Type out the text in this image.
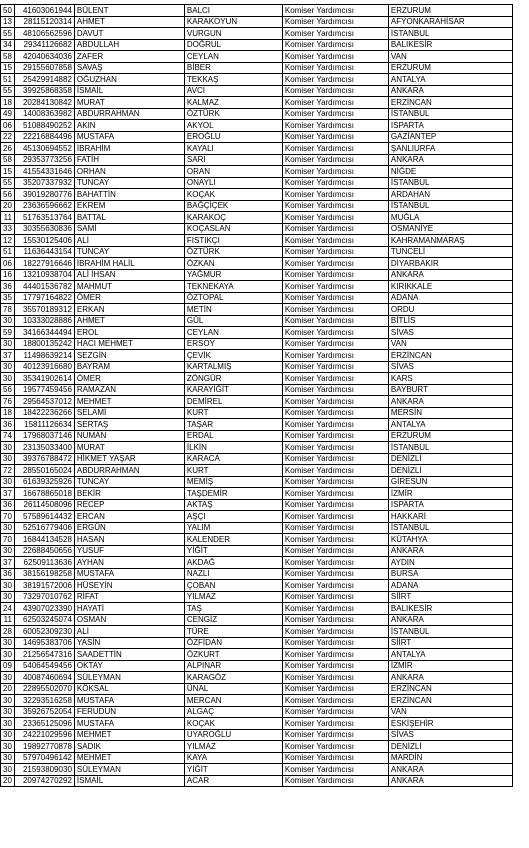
50	41603061944	BÜLENT	BALCI	Komiser Yardımcısı	ERZURUM
13	28115120314	AHMET	KARAKOYUN	Komiser Yardımcısı	AFYONKARAHİSAR
55	48106562596	DAVUT	VURGUN	Komiser Yardımcısı	İSTANBUL
34	29341126682	ABDULLAH	DOĞRUL	Komiser Yardımcısı	BALIKESİR
58	42040634036	ZAFER	CEYLAN	Komiser Yardımcısı	VAN
15	29155607858	SAVAŞ	BİBER	Komiser Yardımcısı	ERZURUM
51	25429914882	OĞUZHAN	TEKKAŞ	Komiser Yardımcısı	ANTALYA
55	39925868358	İSMAİL	AVCI	Komiser Yardımcısı	ANKARA
18	20284130842	MURAT	KALMAZ	Komiser Yardımcısı	ERZİNCAN
49	14008363982	ABDURRAHMAN	ÖZTÜRK	Komiser Yardımcısı	İSTANBUL
06	51088490252	AKIN	AKYOL	Komiser Yardımcısı	ISPARTA
22	22216884496	MUSTAFA	EROĞLU	Komiser Yardımcısı	GAZİANTEP
26	45130694552	İBRAHİM	KAYALI	Komiser Yardımcısı	ŞANLIURFA
58	29353773256	FATİH	SARI	Komiser Yardımcısı	ANKARA
15	41554331646	ORHAN	ORAN	Komiser Yardımcısı	NİĞDE
55	35207337932	TUNCAY	ONAYLI	Komiser Yardımcısı	İSTANBUL
56	39019280776	BAHATTİN	KOÇAK	Komiser Yardımcısı	ARDAHAN
20	23636596662	EKREM	BAĞÇİÇEK	Komiser Yardımcısı	İSTANBUL
11	51763513764	BATTAL	KARAKOÇ	Komiser Yardımcısı	MUĞLA
33	30355630836	SAMİ	KOÇASLAN	Komiser Yardımcısı	OSMANİYE
12	15530125406	ALİ	FISTIKÇI	Komiser Yardımcısı	KAHRAMANMARAŞ
51	11636443154	TUNCAY	ÖZTÜRK	Komiser Yardımcısı	TUNCELİ
06	18227916646	İBRAHİM HALİL	ÖZKAN	Komiser Yardımcısı	DİYARBAKIR
16	13210938704	ALİ İHSAN	YAĞMUR	Komiser Yardımcısı	ANKARA
36	44401536782	MAHMUT	TEKNEKAYA	Komiser Yardımcısı	KIRIKKALE
35	17797164822	ÖMER	ÖZTOPAL	Komiser Yardımcısı	ADANA
78	35570189312	ERKAN	METİN	Komiser Yardımcısı	ORDU
30	10333028886	AHMET	GÜL	Komiser Yardımcısı	BİTLİS
59	34166344494	EROL	CEYLAN	Komiser Yardımcısı	SİVAS
30	18800135242	HACI MEHMET	ERSOY	Komiser Yardımcısı	VAN
37	11498639214	SEZGİN	ÇEVİK	Komiser Yardımcısı	ERZİNCAN
30	40123916680	BAYRAM	KARTALMIŞ	Komiser Yardımcısı	SİVAS
30	35341902614	ÖMER	ZÖNGÜR	Komiser Yardımcısı	KARS
56	19577459456	RAMAZAN	KARAYİĞİT	Komiser Yardımcısı	BAYBURT
76	29564537012	MEHMET	DEMİREL	Komiser Yardımcısı	ANKARA
18	18422236266	SELAMİ	KURT	Komiser Yardımcısı	MERSİN
36	15811126634	SERTAŞ	TAŞAR	Komiser Yardımcısı	ANTALYA
74	17968037146	NUMAN	ERDAL	Komiser Yardımcısı	ERZURUM
30	23135033400	MURAT	İLKİN	Komiser Yardımcısı	İSTANBUL
30	39376788472	HİKMET YAŞAR	KARACA	Komiser Yardımcısı	DENİZLİ
72	28550165024	ABDURRAHMAN	KURT	Komiser Yardımcısı	DENİZLİ
30	61639325926	TUNCAY	MEMİŞ	Komiser Yardımcısı	GİRESUN
37	16678865018	BEKİR	TAŞDEMİR	Komiser Yardımcısı	İZMİR
36	26114508096	RECEP	AKTAŞ	Komiser Yardımcısı	ISPARTA
70	57589614432	ERCAN	AŞÇI	Komiser Yardımcısı	HAKKARİ
30	52516779406	ERGÜN	YALIM	Komiser Yardımcısı	İSTANBUL
70	16844134528	HASAN	KALENDER	Komiser Yardımcısı	KÜTAHYA
30	22688450656	YUSUF	YİĞİT	Komiser Yardımcısı	ANKARA
37	62509113636	AYHAN	AKDAĞ	Komiser Yardımcısı	AYDIN
36	38156198258	MUSTAFA	NAZLI	Komiser Yardımcısı	BURSA
30	38191572006	HÜSEYİN	ÇOBAN	Komiser Yardımcısı	ADANA
30	73297010762	RİFAT	YILMAZ	Komiser Yardımcısı	SİİRT
24	43907023390	HAYATİ	TAŞ	Komiser Yardımcısı	BALIKESİR
11	62503245074	OSMAN	CENGİZ	Komiser Yardımcısı	ANKARA
28	60052309230	ALİ	TÜRE	Komiser Yardımcısı	İSTANBUL
30	14695383706	YASİN	ÖZFİDAN	Komiser Yardımcısı	SİİRT
30	21256547316	SAADETTİN	ÖZKURT	Komiser Yardımcısı	ANTALYA
09	54064549456	OKTAY	ALPINAR	Komiser Yardımcısı	İZMİR
30	40087460694	SÜLEYMAN	KARAGÖZ	Komiser Yardımcısı	ANKARA
20	22895502070	KÖKSAL	ÜNAL	Komiser Yardımcısı	ERZİNCAN
30	32293516258	MUSTAFA	MERCAN	Komiser Yardımcısı	ERZİNCAN
30	35926752054	FERUDUN	ALGAÇ	Komiser Yardımcısı	VAN
30	23365125096	MUSTAFA	KOÇAK	Komiser Yardımcısı	ESKİŞEHİR
30	24221029596	MEHMET	UYAROĞLU	Komiser Yardımcısı	SİVAS
30	19892770878	SADIK	YILMAZ	Komiser Yardımcısı	DENİZLİ
30	57970496142	MEHMET	KAYA	Komiser Yardımcısı	MARDİN
30	21593809030	SÜLEYMAN	YİĞİT	Komiser Yardımcısı	ANKARA
20	20974270292	İSMAİL	ACAR	Komiser Yardımcısı	ANKARA
